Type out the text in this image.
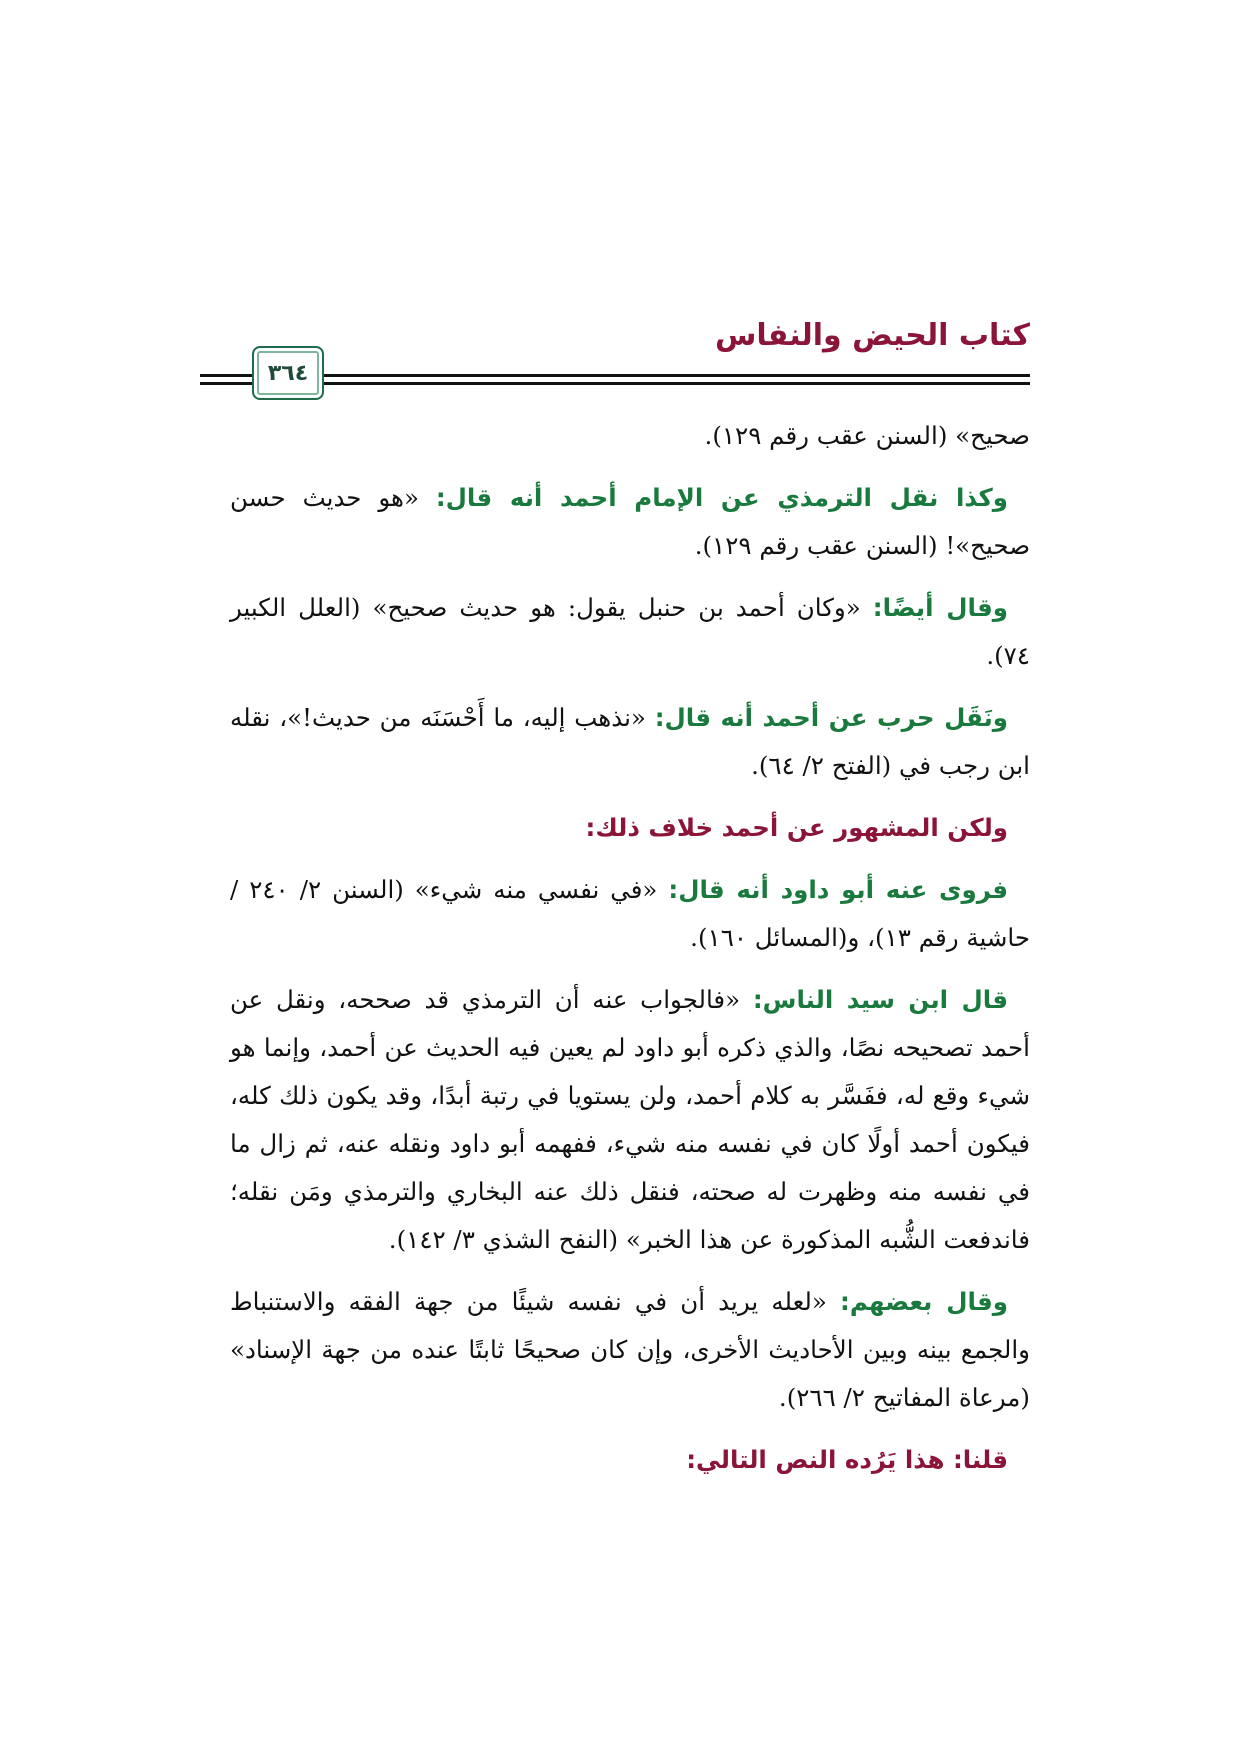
كتاب الحيض والنفاس
٣٦٤

صحيح» (السنن عقب رقم ١٢٩).

وكذا نقل الترمذي عن الإمام أحمد أنه قال: «هو حديث حسن صحيح»! (السنن عقب رقم ١٢٩).

وقال أيضًا: «وكان أحمد بن حنبل يقول: هو حديث صحيح» (العلل الكبير ٧٤).

ونَقَل حرب عن أحمد أنه قال: «نذهب إليه، ما أَحْسَنَه من حديث!»، نقله ابن رجب في (الفتح ٢/ ٦٤).

ولكن المشهور عن أحمد خلاف ذلك:

فروى عنه أبو داود أنه قال: «في نفسي منه شيء» (السنن ٢/ ٢٤٠ / حاشية رقم ١٣)، و(المسائل ١٦٠).

قال ابن سيد الناس: «فالجواب عنه أن الترمذي قد صححه، ونقل عن أحمد تصحيحه نصًا، والذي ذكره أبو داود لم يعين فيه الحديث عن أحمد، وإنما هو شيء وقع له، ففَسَّر به كلام أحمد، ولن يستويا في رتبة أبدًا، وقد يكون ذلك كله، فيكون أحمد أولًا كان في نفسه منه شيء، ففهمه أبو داود ونقله عنه، ثم زال ما في نفسه منه وظهرت له صحته، فنقل ذلك عنه البخاري والترمذي ومَن نقله؛ فاندفعت الشُّبه المذكورة عن هذا الخبر» (النفح الشذي ٣/ ١٤٢).

وقال بعضهم: «لعله يريد أن في نفسه شيئًا من جهة الفقه والاستنباط والجمع بينه وبين الأحاديث الأخرى، وإن كان صحيحًا ثابتًا عنده من جهة الإسناد» (مرعاة المفاتيح ٢/ ٢٦٦).

قلنا: هذا يَرُده النص التالي:
